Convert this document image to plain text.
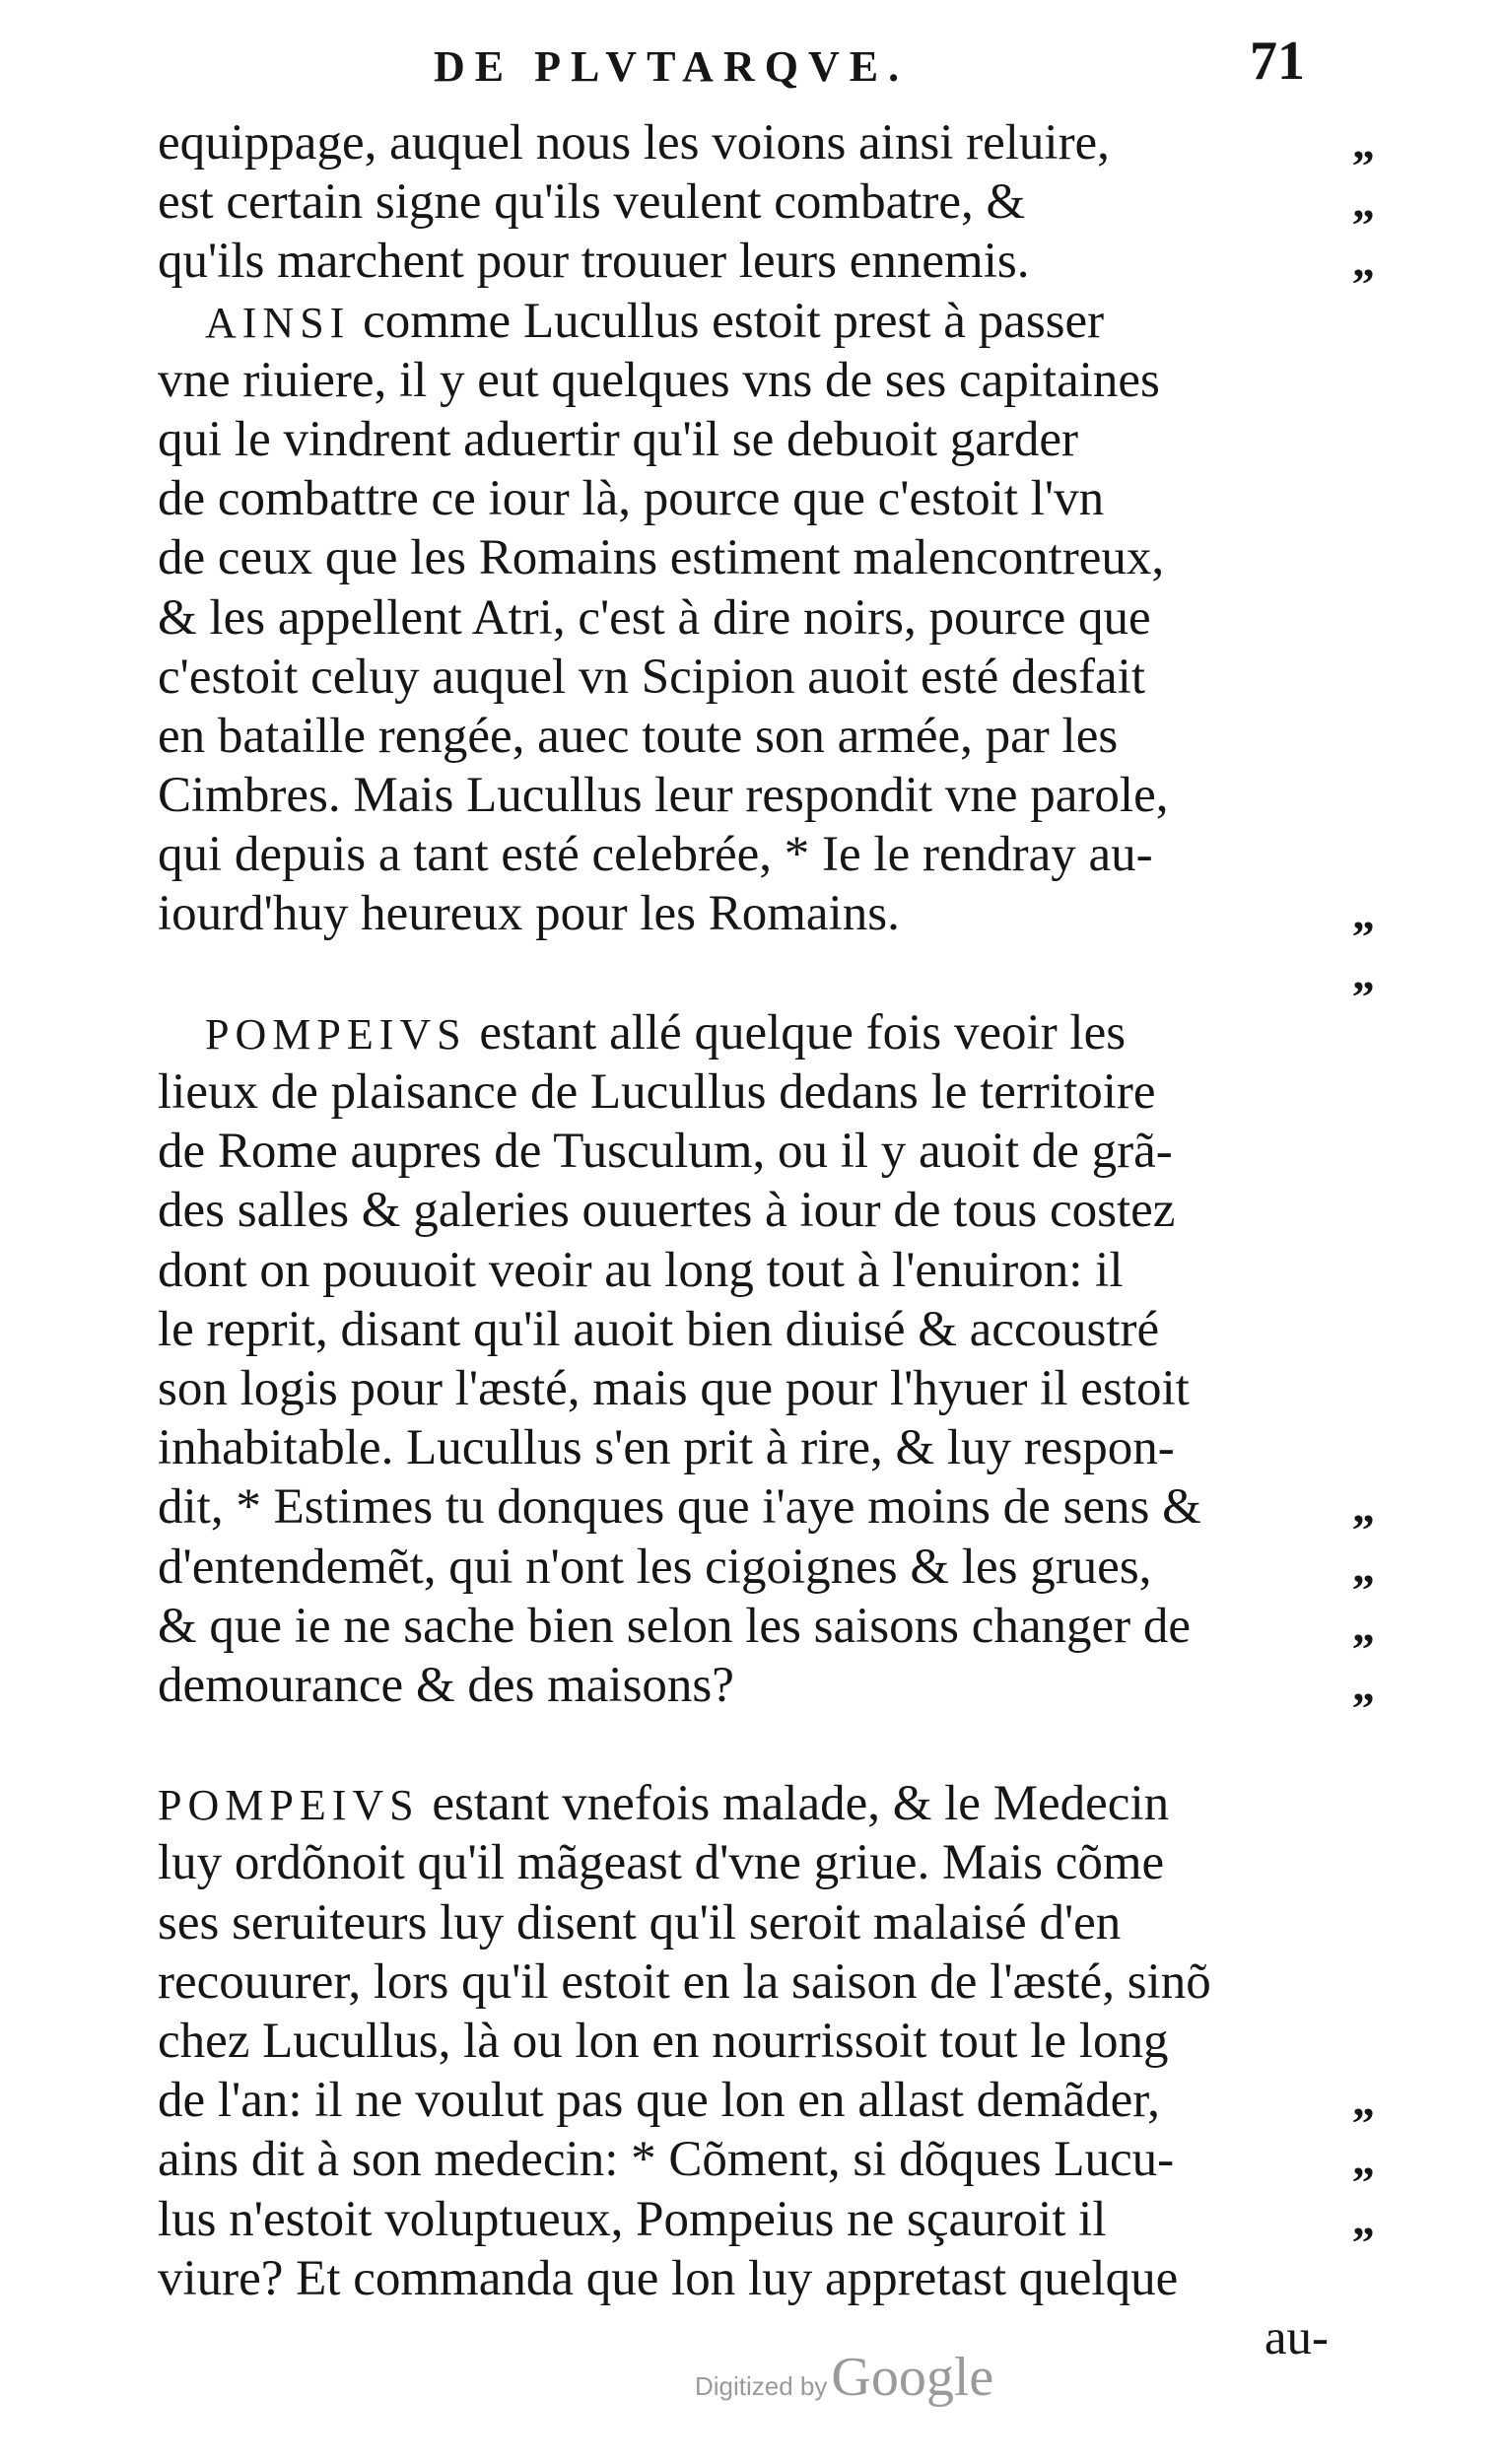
DE PLVTARQVE.	71
equippage, auquel nous les voions ainsi reluire,
est certain signe qu'ils veulent combatre, &
qu'ils marchent pour trouuer leurs ennemis.
AINSI comme Lucullus estoit prest à passer
vne riuiere, il y eut quelques vns de ses capitaines
qui le vindrent aduertir qu'il se debuoit garder
de combattre ce iour là, pource que c'estoit l'vn
de ceux que les Romains estiment malencontreux,
& les appellent Atri, c'est à dire noirs, pource que
c'estoit celuy auquel vn Scipion auoit esté desfait
en bataille rengée, auec toute son armée, par les
Cimbres. Mais Lucullus leur respondit vne parole,
qui depuis a tant esté celebrée, * Ie le rendray au-
iourd'huy heureux pour les Romains.
POMPEIVS estant allé quelque fois veoir les
lieux de plaisance de Lucullus dedans le territoire
de Rome aupres de Tusculum, ou il y auoit de grã-
des salles & galeries ouuertes à iour de tous costez
dont on pouuoit veoir au long tout à l'enuiron: il
le reprit, disant qu'il auoit bien diuisé & accoustré
son logis pour l'æsté, mais que pour l'hyuer il estoit
inhabitable. Lucullus s'en prit à rire, & luy respon-
dit, * Estimes tu donques que i'aye moins de sens &
d'entendemẽt, qui n'ont les cigoignes & les grues,
& que ie ne sache bien selon les saisons changer de
demourance & des maisons?
POMPEIVS estant vnefois malade, & le Medecin
luy ordõnoit qu'il mãgeast d'vne griue. Mais cõme
ses seruiteurs luy disent qu'il seroit malaisé d'en
recouurer, lors qu'il estoit en la saison de l'æsté, sinõ
chez Lucullus, là ou lon en nourrissoit tout le long
de l'an: il ne voulut pas que lon en allast demãder,
ains dit à son medecin: * Cõment, si dõques Lucu-
lus n'estoit voluptueux, Pompeius ne sçauroit il
viure? Et commanda que lon luy appretast quelque
au-
„
„
„
„
„
„
„
„
„
„
„
„
Digitized by Google
